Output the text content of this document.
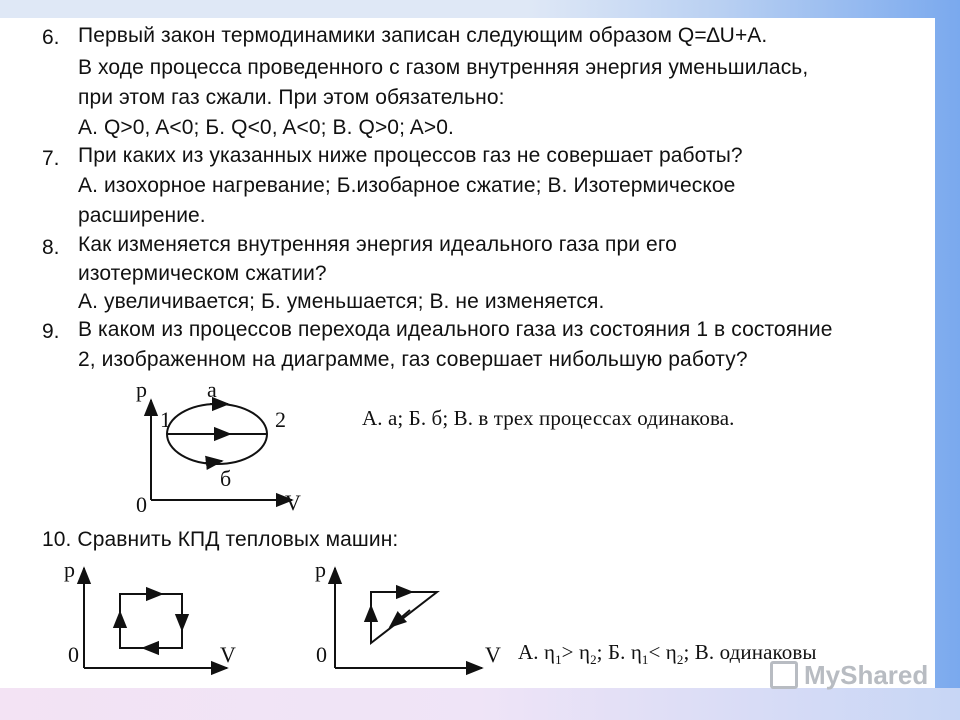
6. Первый закон термодинамики записан следующим образом Q=∆U+A.
В ходе процесса проведенного с газом внутренняя энергия уменьшилась,
при этом газ сжали. При этом обязательно:
А. Q>0, A<0; Б. Q<0, A<0; В. Q>0; A>0.
7. При каких из указанных ниже процессов газ не совершает работы?
А. изохорное нагревание; Б.изобарное сжатие; В. Изотермическое
расширение.
8. Как изменяется внутренняя энергия идеального газа при его
изотермическом сжатии?
А. увеличивается; Б. уменьшается; В. не изменяется.
9. В каком из процессов перехода идеального газа из состояния 1 в состояние
2, изображенном на диаграмме, газ совершает нибольшую работу?
А. а; Б. б; В. в трех процессах одинакова.
10. Сравнить КПД тепловых машин:
А. $\eta_1> \eta_2$; Б. $\eta_1< \eta_2$; В. одинаковы
p
V
0
1	2
а
б
p
V
0
p
V
0
MyShared
